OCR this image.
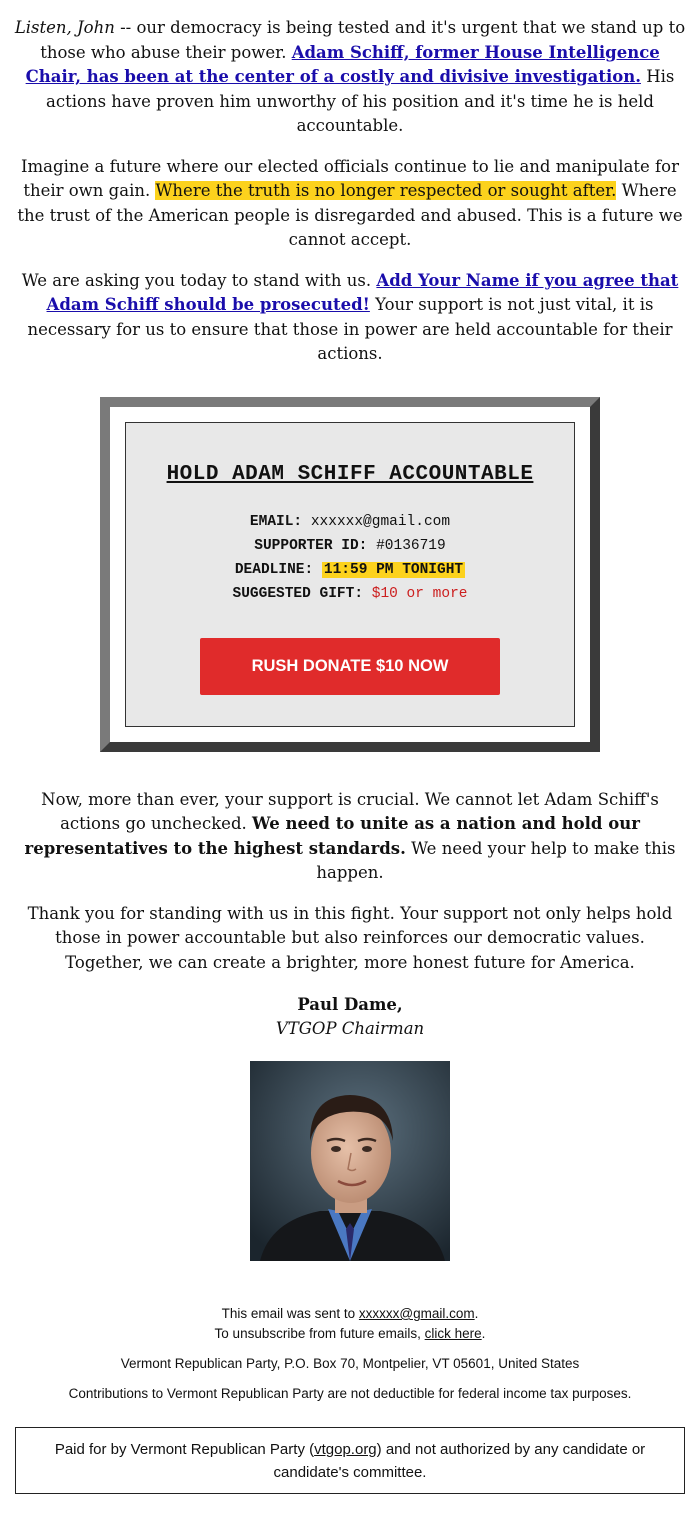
Listen, John -- our democracy is being tested and it's urgent that we stand up to those who abuse their power. Adam Schiff, former House Intelligence Chair, has been at the center of a costly and divisive investigation. His actions have proven him unworthy of his position and it's time he is held accountable.

Imagine a future where our elected officials continue to lie and manipulate for their own gain. Where the truth is no longer respected or sought after. Where the trust of the American people is disregarded and abused. This is a future we cannot accept.

We are asking you today to stand with us. Add Your Name if you agree that Adam Schiff should be prosecuted! Your support is not just vital, it is necessary for us to ensure that those in power are held accountable for their actions.

HOLD ADAM SCHIFF ACCOUNTABLE
EMAIL: xxxxxx@gmail.com
SUPPORTER ID: #0136719
DEADLINE: 11:59 PM TONIGHT
SUGGESTED GIFT: $10 or more
RUSH DONATE $10 NOW

Now, more than ever, your support is crucial. We cannot let Adam Schiff's actions go unchecked. We need to unite as a nation and hold our representatives to the highest standards. We need your help to make this happen.

Thank you for standing with us in this fight. Your support not only helps hold those in power accountable but also reinforces our democratic values. Together, we can create a brighter, more honest future for America.

Paul Dame,
VTGOP Chairman
This email was sent to xxxxxx@gmail.com.
To unsubscribe from future emails, click here.
Vermont Republican Party, P.O. Box 70, Montpelier, VT 05601, United States
Contributions to Vermont Republican Party are not deductible for federal income tax purposes.
Paid for by Vermont Republican Party (vtgop.org) and not authorized by any candidate or candidate's committee.
